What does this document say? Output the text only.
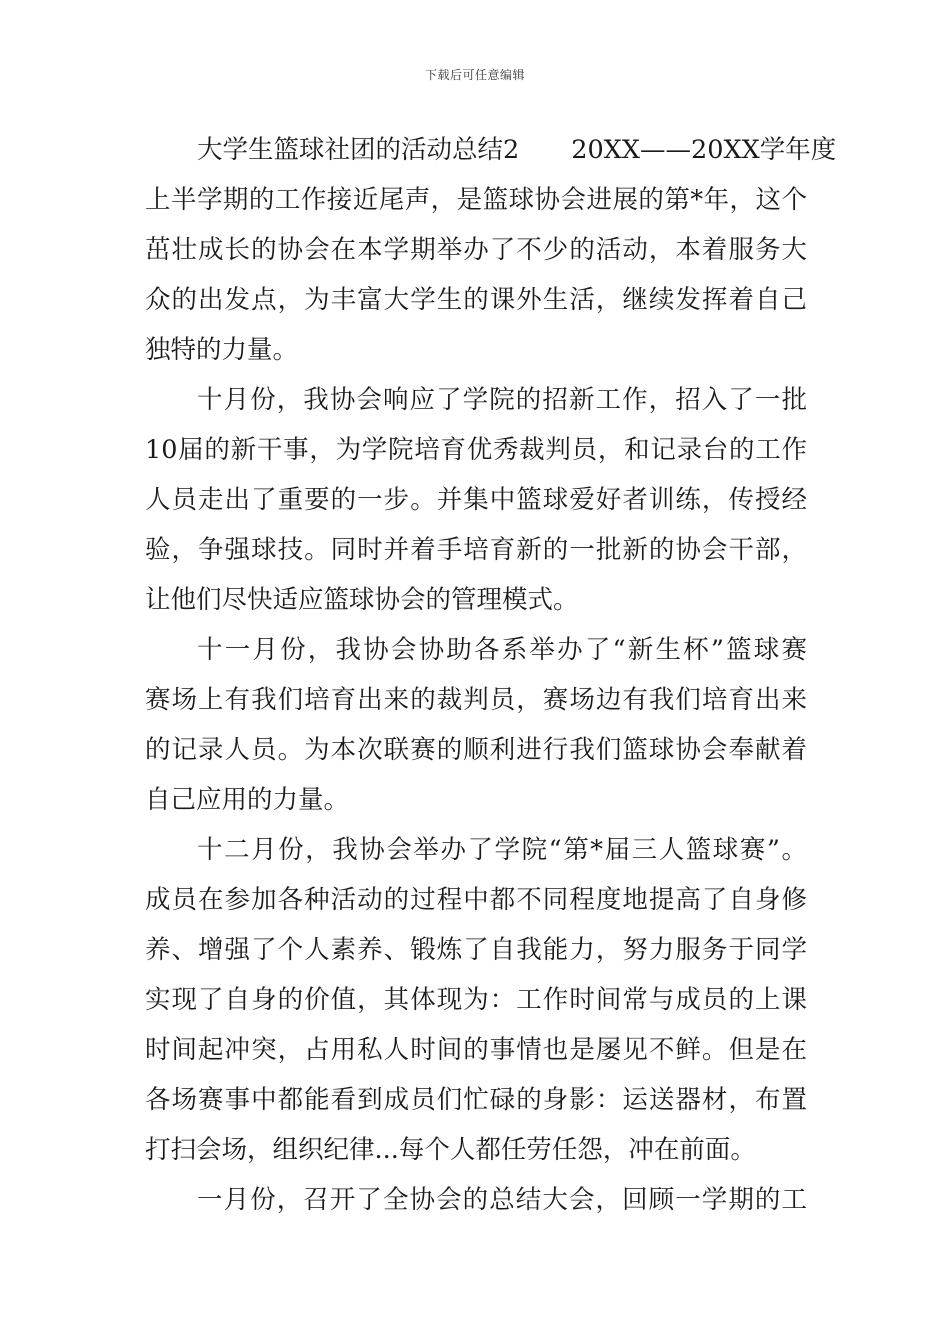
下载后可任意编辑
大学生篮球社团的活动总结2 20XX——20XX学年度
上半学期的工作接近尾声，是篮球协会进展的第*年，这个
茁壮成长的协会在本学期举办了不少的活动，本着服务大
众的出发点，为丰富大学生的课外生活，继续发挥着自己
独特的力量。
十月份，我协会响应了学院的招新工作，招入了一批
10届的新干事，为学院培育优秀裁判员，和记录台的工作
人员走出了重要的一步。并集中篮球爱好者训练，传授经
验，争强球技。同时并着手培育新的一批新的协会干部，
让他们尽快适应篮球协会的管理模式。
十一月份，我协会协助各系举办了“新生杯”篮球赛
赛场上有我们培育出来的裁判员，赛场边有我们培育出来
的记录人员。为本次联赛的顺利进行我们篮球协会奉献着
自己应用的力量。
十二月份，我协会举办了学院“第*届三人篮球赛”。
成员在参加各种活动的过程中都不同程度地提高了自身修
养、增强了个人素养、锻炼了自我能力，努力服务于同学
实现了自身的价值，其体现为：工作时间常与成员的上课
时间起冲突，占用私人时间的事情也是屡见不鲜。但是在
各场赛事中都能看到成员们忙碌的身影：运送器材，布置
打扫会场，组织纪律...每个人都任劳任怨，冲在前面。
一月份，召开了全协会的总结大会，回顾一学期的工
